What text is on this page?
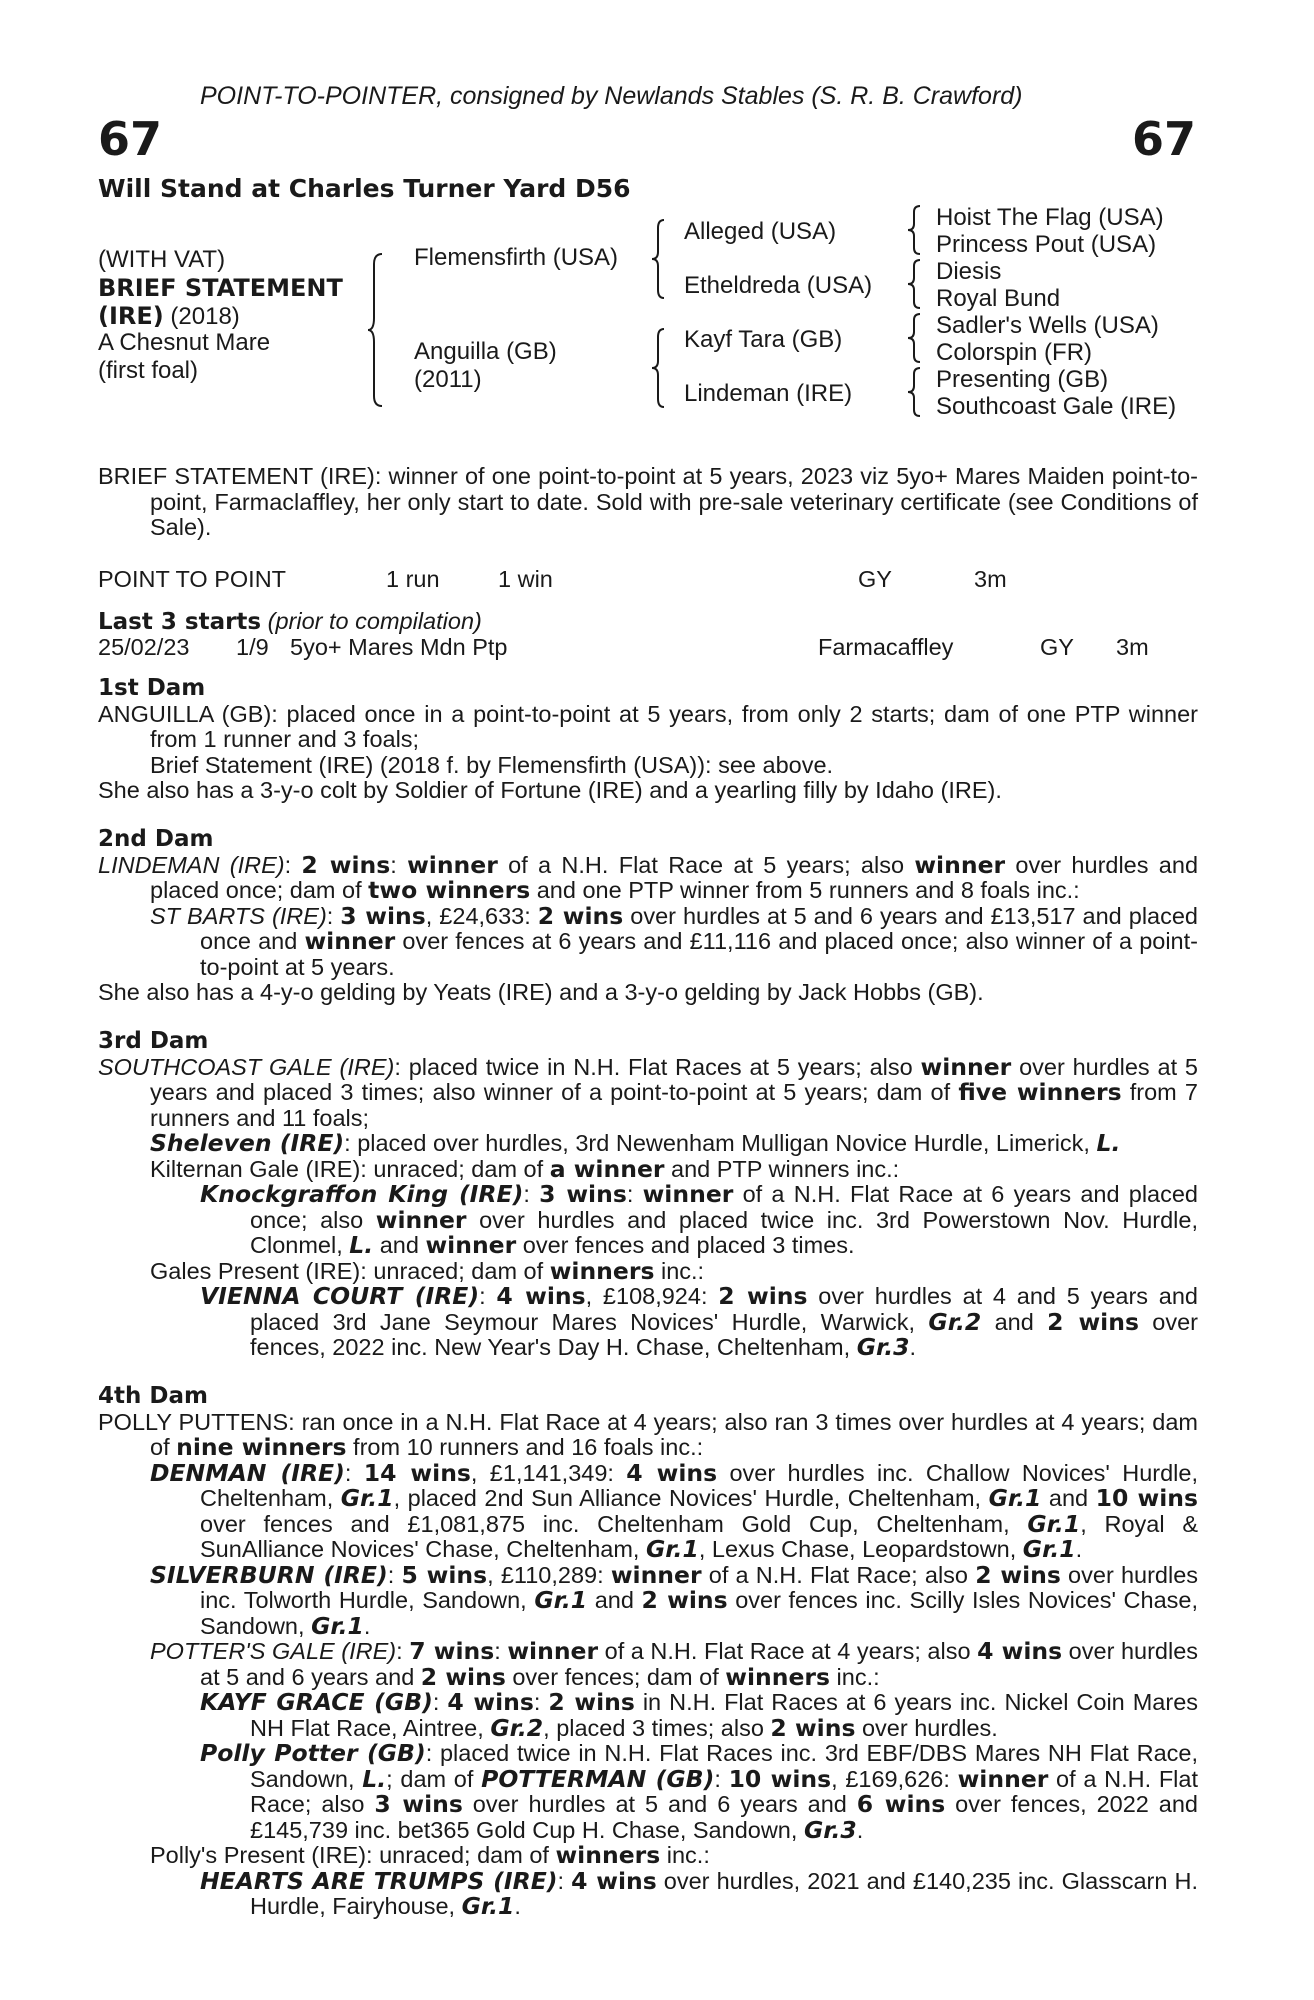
POINT-TO-POINTER, consigned by Newlands Stables (S. R. B. Crawford)
67	67
Will Stand at Charles Turner Yard D56
(WITH VAT)
BRIEF STATEMENT
(IRE) (2018)
A Chesnut Mare
(first foal)
Flemensfirth (USA)
Anguilla (GB)
(2011)
Alleged (USA)
Etheldreda (USA)
Kayf Tara (GB)
Lindeman (IRE)
Hoist The Flag (USA)
Princess Pout (USA)
Diesis
Royal Bund
Sadler's Wells (USA)
Colorspin (FR)
Presenting (GB)
Southcoast Gale (IRE)

BRIEF STATEMENT (IRE): winner of one point-to-point at 5 years, 2023 viz 5yo+ Mares Maiden point-to-point, Farmaclaffley, her only start to date. Sold with pre-sale veterinary certificate (see Conditions of Sale).

POINT TO POINT	1 run 1 win	GY	3m
Last 3 starts (prior to compilation)
25/02/23 1/9 5yo+ Mares Mdn Ptp	Farmacaffley	GY 3m

1st Dam

ANGUILLA (GB): placed once in a point-to-point at 5 years, from only 2 starts; dam of one PTP winner from 1 runner and 3 foals;

Brief Statement (IRE) (2018 f. by Flemensfirth (USA)): see above.

She also has a 3-y-o colt by Soldier of Fortune (IRE) and a yearling filly by Idaho (IRE).

2nd Dam

LINDEMAN (IRE): 2 wins: winner of a N.H. Flat Race at 5 years; also winner over hurdles and placed once; dam of two winners and one PTP winner from 5 runners and 8 foals inc.:

ST BARTS (IRE): 3 wins, £24,633: 2 wins over hurdles at 5 and 6 years and £13,517 and placed once and winner over fences at 6 years and £11,116 and placed once; also winner of a point-to-point at 5 years.

She also has a 4-y-o gelding by Yeats (IRE) and a 3-y-o gelding by Jack Hobbs (GB).

3rd Dam

SOUTHCOAST GALE (IRE): placed twice in N.H. Flat Races at 5 years; also winner over hurdles at 5 years and placed 3 times; also winner of a point-to-point at 5 years; dam of five winners from 7 runners and 11 foals;

Sheleven (IRE): placed over hurdles, 3rd Newenham Mulligan Novice Hurdle, Limerick, L.

Kilternan Gale (IRE): unraced; dam of a winner and PTP winners inc.:

Knockgraffon King (IRE): 3 wins: winner of a N.H. Flat Race at 6 years and placed once; also winner over hurdles and placed twice inc. 3rd Powerstown Nov. Hurdle, Clonmel, L. and winner over fences and placed 3 times.

Gales Present (IRE): unraced; dam of winners inc.:

VIENNA COURT (IRE): 4 wins, £108,924: 2 wins over hurdles at 4 and 5 years and placed 3rd Jane Seymour Mares Novices' Hurdle, Warwick, Gr.2 and 2 wins over fences, 2022 inc. New Year's Day H. Chase, Cheltenham, Gr.3.

4th Dam

POLLY PUTTENS: ran once in a N.H. Flat Race at 4 years; also ran 3 times over hurdles at 4 years; dam of nine winners from 10 runners and 16 foals inc.:

DENMAN (IRE): 14 wins, £1,141,349: 4 wins over hurdles inc. Challow Novices' Hurdle, Cheltenham, Gr.1, placed 2nd Sun Alliance Novices' Hurdle, Cheltenham, Gr.1 and 10 wins over fences and £1,081,875 inc. Cheltenham Gold Cup, Cheltenham, Gr.1, Royal & SunAlliance Novices' Chase, Cheltenham, Gr.1, Lexus Chase, Leopardstown, Gr.1.

SILVERBURN (IRE): 5 wins, £110,289: winner of a N.H. Flat Race; also 2 wins over hurdles inc. Tolworth Hurdle, Sandown, Gr.1 and 2 wins over fences inc. Scilly Isles Novices' Chase, Sandown, Gr.1.

POTTER'S GALE (IRE): 7 wins: winner of a N.H. Flat Race at 4 years; also 4 wins over hurdles at 5 and 6 years and 2 wins over fences; dam of winners inc.:

KAYF GRACE (GB): 4 wins: 2 wins in N.H. Flat Races at 6 years inc. Nickel Coin Mares NH Flat Race, Aintree, Gr.2, placed 3 times; also 2 wins over hurdles.

Polly Potter (GB): placed twice in N.H. Flat Races inc. 3rd EBF/DBS Mares NH Flat Race, Sandown, L.; dam of POTTERMAN (GB): 10 wins, £169,626: winner of a N.H. Flat Race; also 3 wins over hurdles at 5 and 6 years and 6 wins over fences, 2022 and £145,739 inc. bet365 Gold Cup H. Chase, Sandown, Gr.3.

Polly's Present (IRE): unraced; dam of winners inc.:

HEARTS ARE TRUMPS (IRE): 4 wins over hurdles, 2021 and £140,235 inc. Glasscarn H. Hurdle, Fairyhouse, Gr.1.
